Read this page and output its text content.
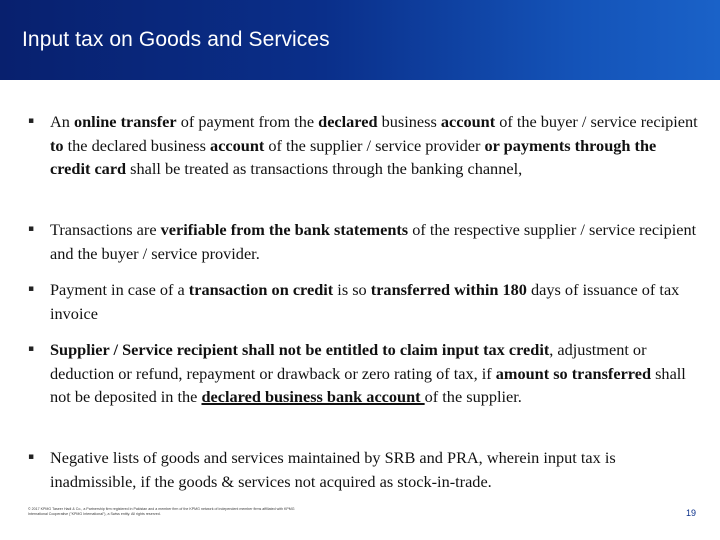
Input tax on Goods and Services
▪ An online transfer of payment from the declared business account of the buyer / service recipient to the declared business account of the supplier / service provider or payments through the credit card shall be treated as transactions through the banking channel,
▪ Transactions are verifiable from the bank statements of the respective supplier / service recipient and the buyer / service provider.
▪ Payment in case of a transaction on credit is so transferred within 180 days of issuance of tax invoice
▪ Supplier / Service recipient shall not be entitled to claim input tax credit, adjustment or deduction or refund, repayment or drawback or zero rating of tax, if amount so transferred shall not be deposited in the declared business bank account of the supplier.
▪ Negative lists of goods and services maintained by SRB and PRA, wherein input tax is inadmissible, if the goods & services not acquired as stock-in-trade.
© 2017 KPMG Taseer Hadi & Co., a Partnership firm registered in Pakistan and a member firm of the KPMG network of independent member firms affiliated with KPMG International Cooperative ("KPMG International"), a Swiss entity. All rights reserved.	19
